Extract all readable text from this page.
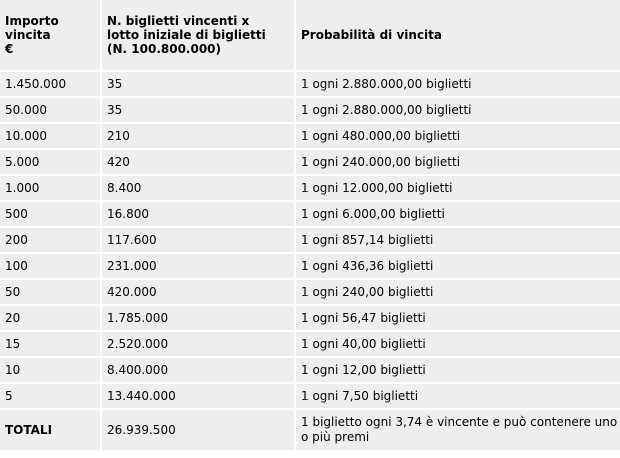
Importo vincita €	N. biglietti vincenti x lotto iniziale di biglietti (N. 100.800.000)	Probabilità di vincita
1.450.000	35	1 ogni 2.880.000,00 biglietti
50.000	35	1 ogni 2.880.000,00 biglietti
10.000	210	1 ogni 480.000,00 biglietti
5.000	420	1 ogni 240.000,00 biglietti
1.000	8.400	1 ogni 12.000,00 biglietti
500	16.800	1 ogni 6.000,00 biglietti
200	117.600	1 ogni 857,14 biglietti
100	231.000	1 ogni 436,36 biglietti
50	420.000	1 ogni 240,00 biglietti
20	1.785.000	1 ogni 56,47 biglietti
15	2.520.000	1 ogni 40,00 biglietti
10	8.400.000	1 ogni 12,00 biglietti
5	13.440.000	1 ogni 7,50 biglietti
TOTALI	26.939.500	1 biglietto ogni 3,74 è vincente e può contenere uno o più premi
